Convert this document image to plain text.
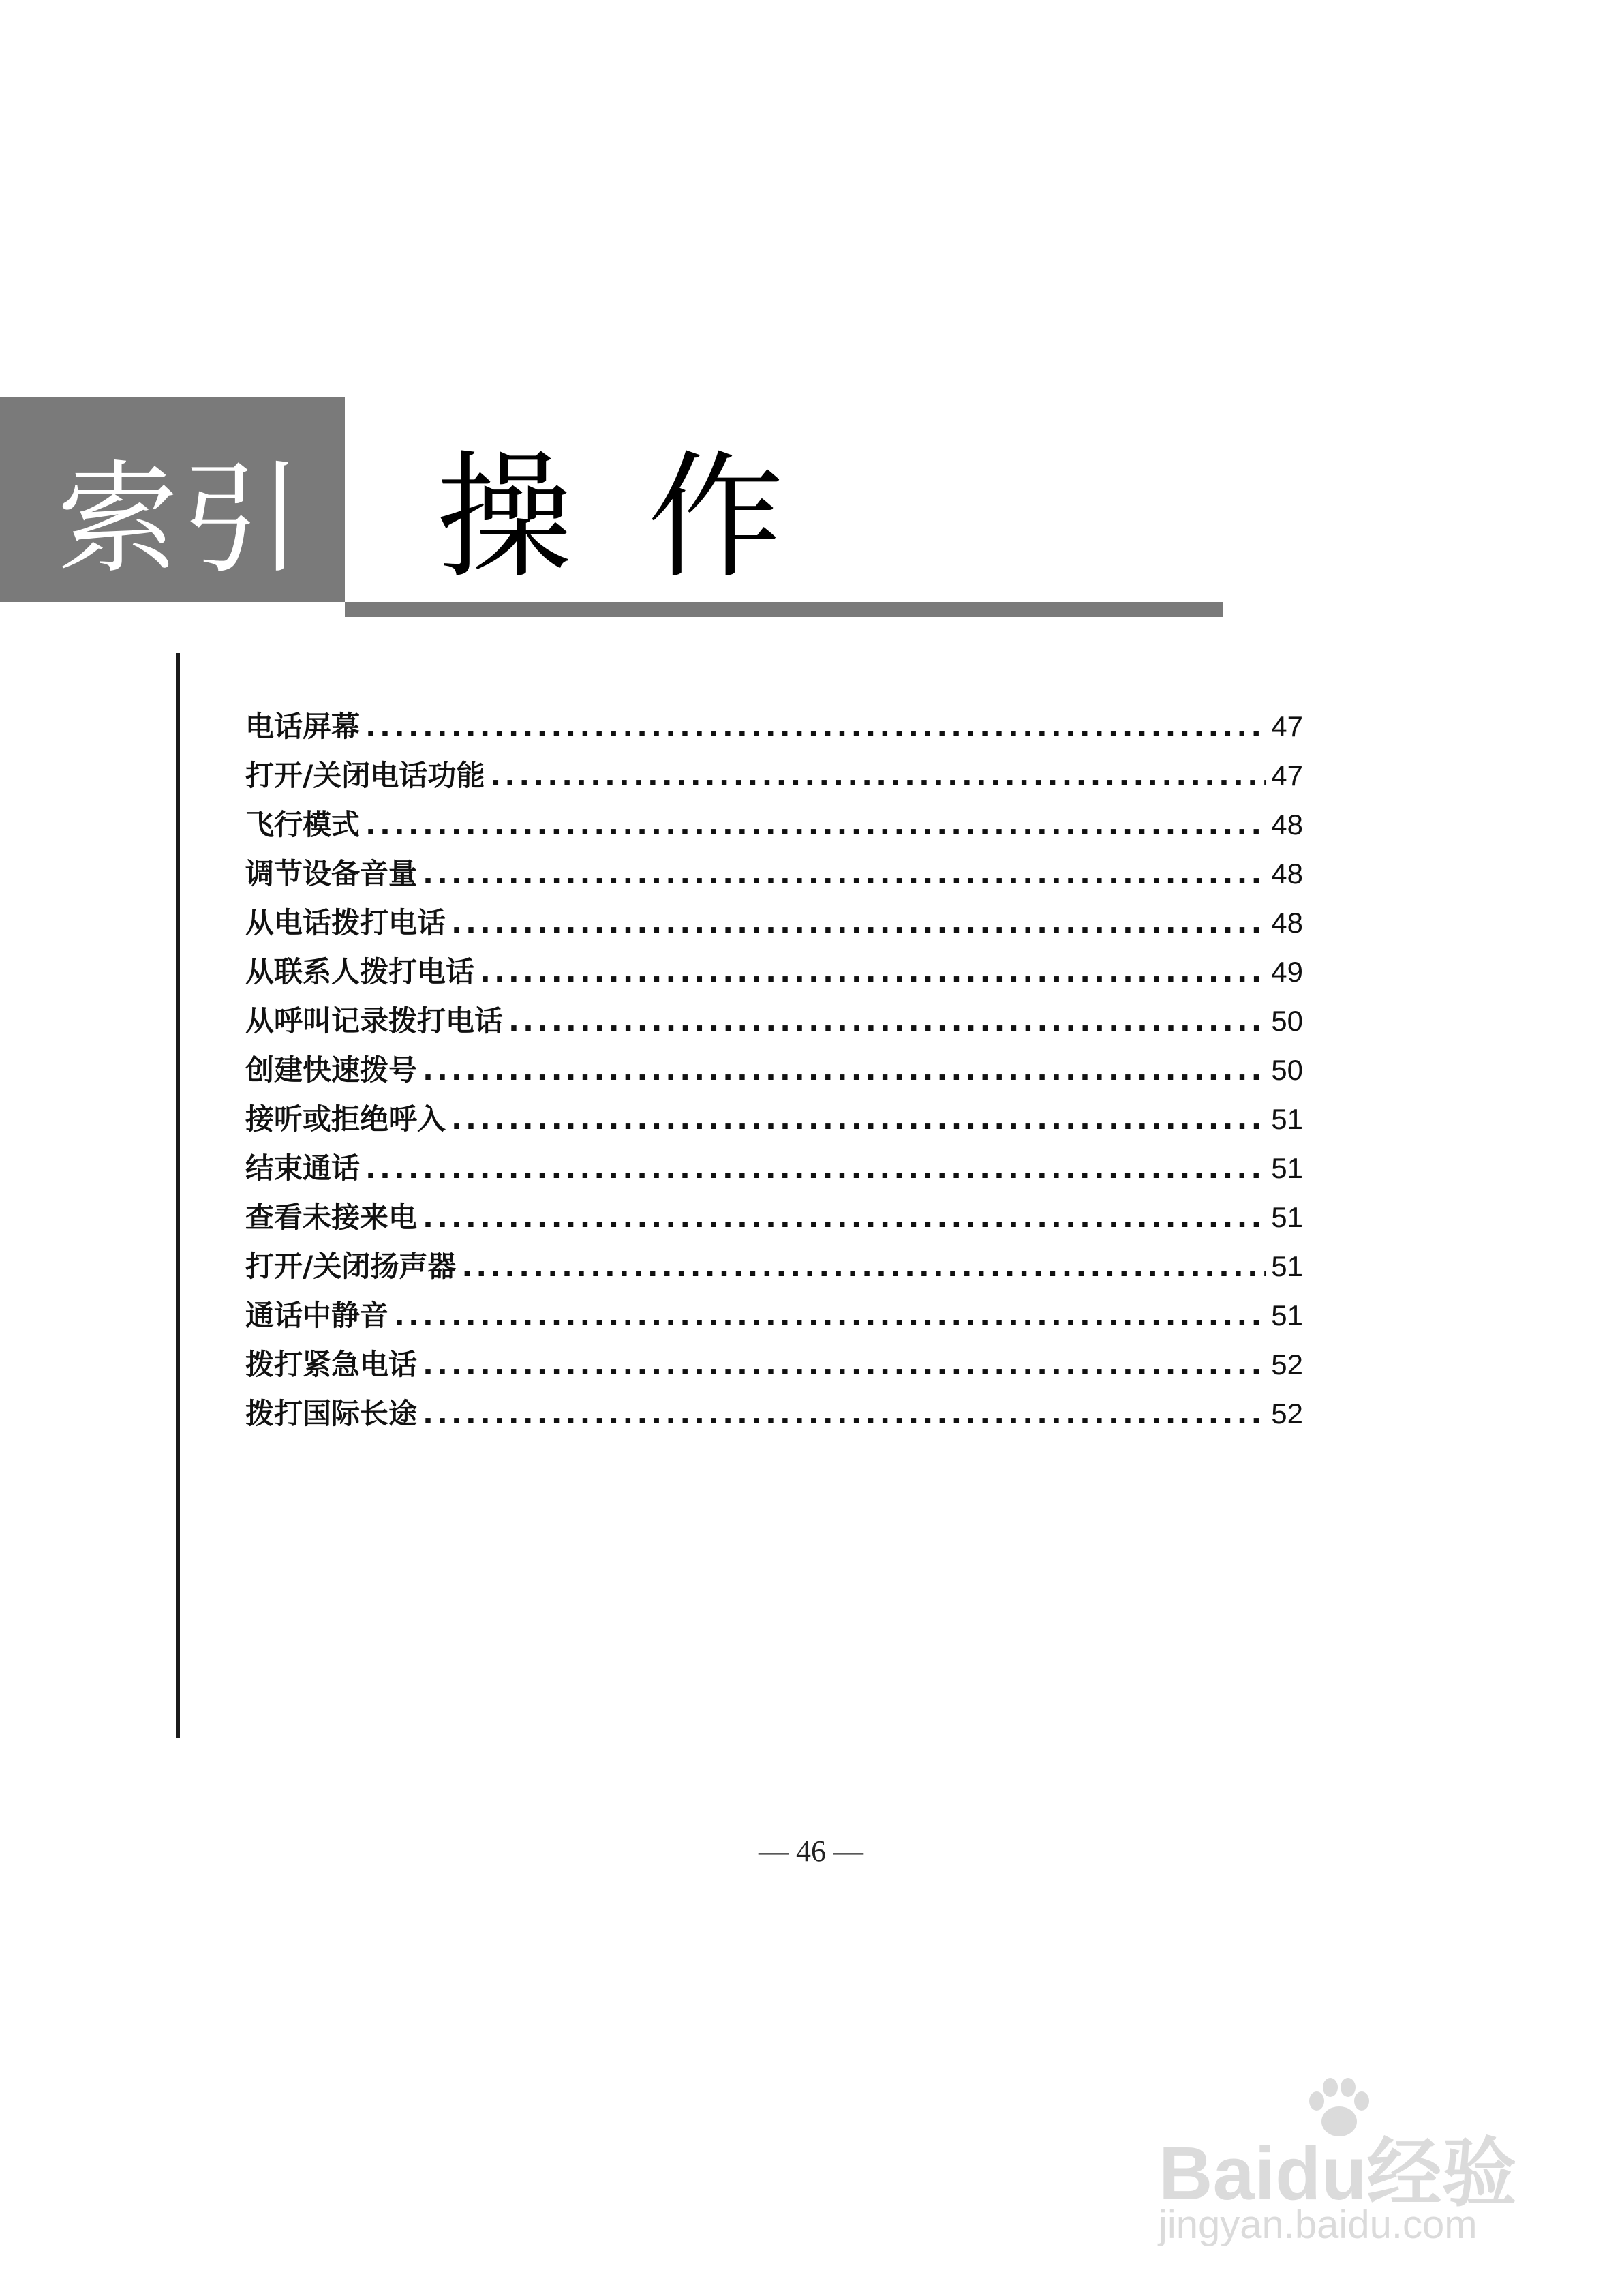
索引 操作
电话屏幕 .....	47
打开/关闭电话功能 .....	47
飞行模式 .....	48
调节设备音量 .....	48
从电话拨打电话 .....	48
从联系人拨打电话 .....	49
从呼叫记录拨打电话 .....	50
创建快速拨号 .....	50
接听或拒绝呼入 .....	51
结束通话 .....	51
查看未接来电 .....	51
打开/关闭扬声器 .....	51
通话中静音 .....	51
拨打紧急电话 .....	52
拨打国际长途 .....	52
— 46 —
Baidu经验
jingyan.baidu.com
